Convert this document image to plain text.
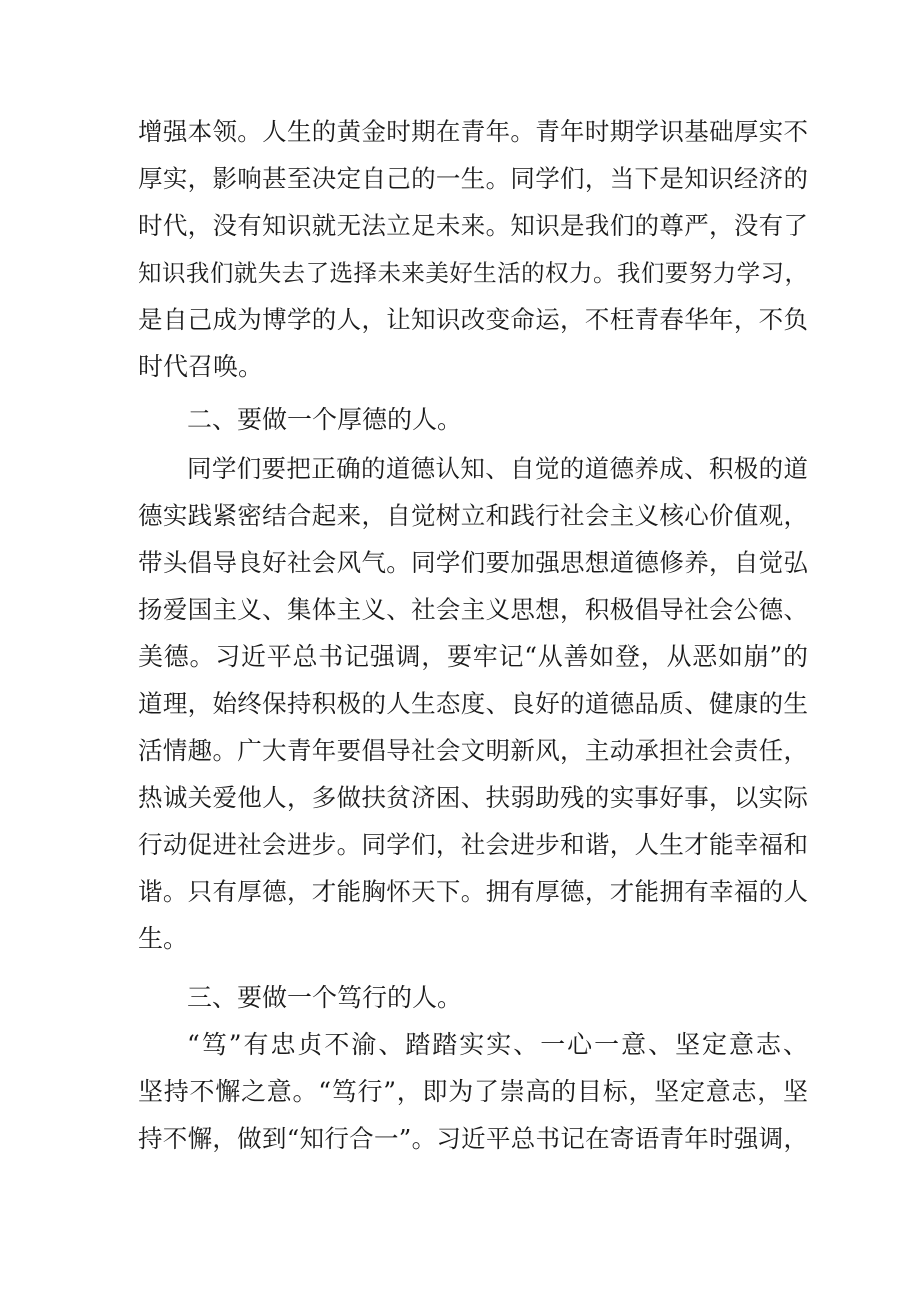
增强本领。人生的黄金时期在青年。青年时期学识基础厚实不
厚实，影响甚至决定自己的一生。同学们，当下是知识经济的
时代，没有知识就无法立足未来。知识是我们的尊严，没有了
知识我们就失去了选择未来美好生活的权力。我们要努力学习，
是自己成为博学的人，让知识改变命运，不枉青春华年，不负
时代召唤。
二、要做一个厚德的人。
同学们要把正确的道德认知、自觉的道德养成、积极的道
德实践紧密结合起来，自觉树立和践行社会主义核心价值观，
带头倡导良好社会风气。同学们要加强思想道德修养，自觉弘
扬爱国主义、集体主义、社会主义思想，积极倡导社会公德、
美德。习近平总书记强调，要牢记“从善如登，从恶如崩”的
道理，始终保持积极的人生态度、良好的道德品质、健康的生
活情趣。广大青年要倡导社会文明新风，主动承担社会责任，
热诚关爱他人，多做扶贫济困、扶弱助残的实事好事，以实际
行动促进社会进步。同学们，社会进步和谐，人生才能幸福和
谐。只有厚德，才能胸怀天下。拥有厚德，才能拥有幸福的人
生。
三、要做一个笃行的人。
“笃”有忠贞不渝、踏踏实实、一心一意、坚定意志、
坚持不懈之意。“笃行”，即为了崇高的目标，坚定意志，坚
持不懈，做到“知行合一”。习近平总书记在寄语青年时强调，
